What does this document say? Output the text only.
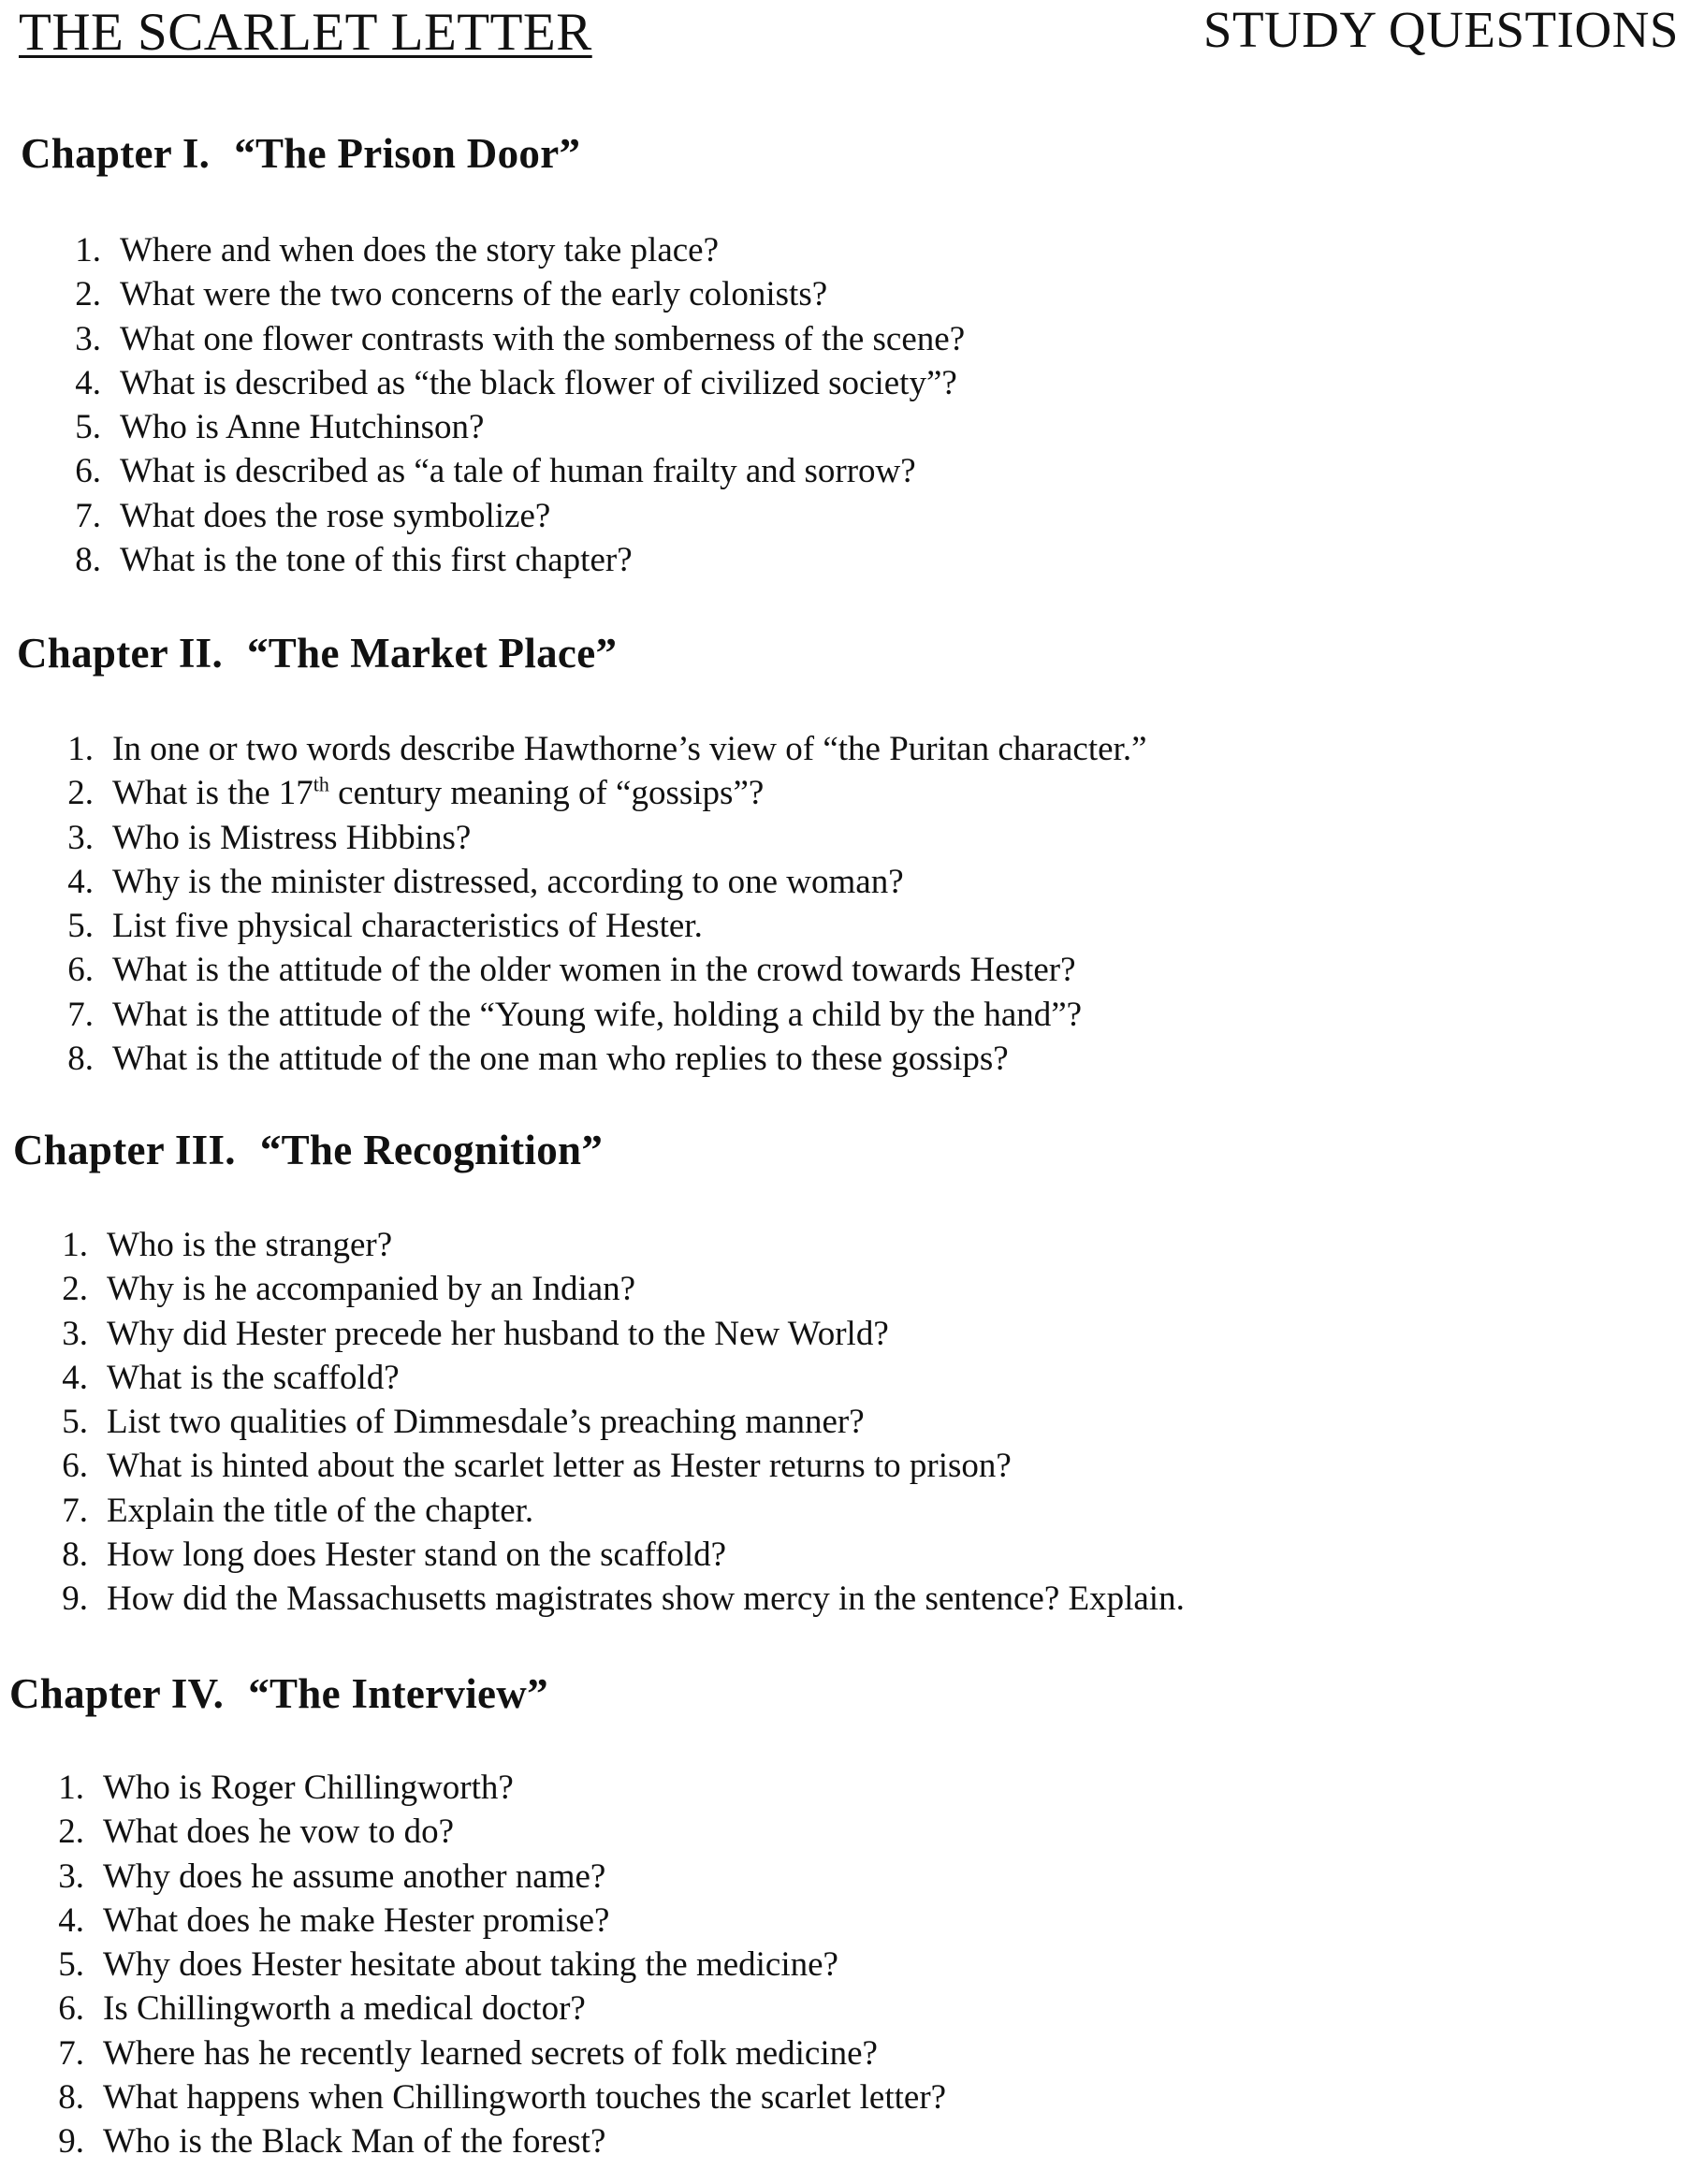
THE SCARLET LETTER	STUDY QUESTIONS
Chapter I. “The Prison Door”
1. Where and when does the story take place?
2. What were the two concerns of the early colonists?
3. What one flower contrasts with the somberness of the scene?
4. What is described as “the black flower of civilized society”?
5. Who is Anne Hutchinson?
6. What is described as “a tale of human frailty and sorrow?
7. What does the rose symbolize?
8. What is the tone of this first chapter?
Chapter II. “The Market Place”
1. In one or two words describe Hawthorne’s view of “the Puritan character.”
2. What is the 17th century meaning of “gossips”?
3. Who is Mistress Hibbins?
4. Why is the minister distressed, according to one woman?
5. List five physical characteristics of Hester.
6. What is the attitude of the older women in the crowd towards Hester?
7. What is the attitude of the “Young wife, holding a child by the hand”?
8. What is the attitude of the one man who replies to these gossips?
Chapter III. “The Recognition”
1. Who is the stranger?
2. Why is he accompanied by an Indian?
3. Why did Hester precede her husband to the New World?
4. What is the scaffold?
5. List two qualities of Dimmesdale’s preaching manner?
6. What is hinted about the scarlet letter as Hester returns to prison?
7. Explain the title of the chapter.
8. How long does Hester stand on the scaffold?
9. How did the Massachusetts magistrates show mercy in the sentence? Explain.
Chapter IV. “The Interview”
1. Who is Roger Chillingworth?
2. What does he vow to do?
3. Why does he assume another name?
4. What does he make Hester promise?
5. Why does Hester hesitate about taking the medicine?
6. Is Chillingworth a medical doctor?
7. Where has he recently learned secrets of folk medicine?
8. What happens when Chillingworth touches the scarlet letter?
9. Who is the Black Man of the forest?
